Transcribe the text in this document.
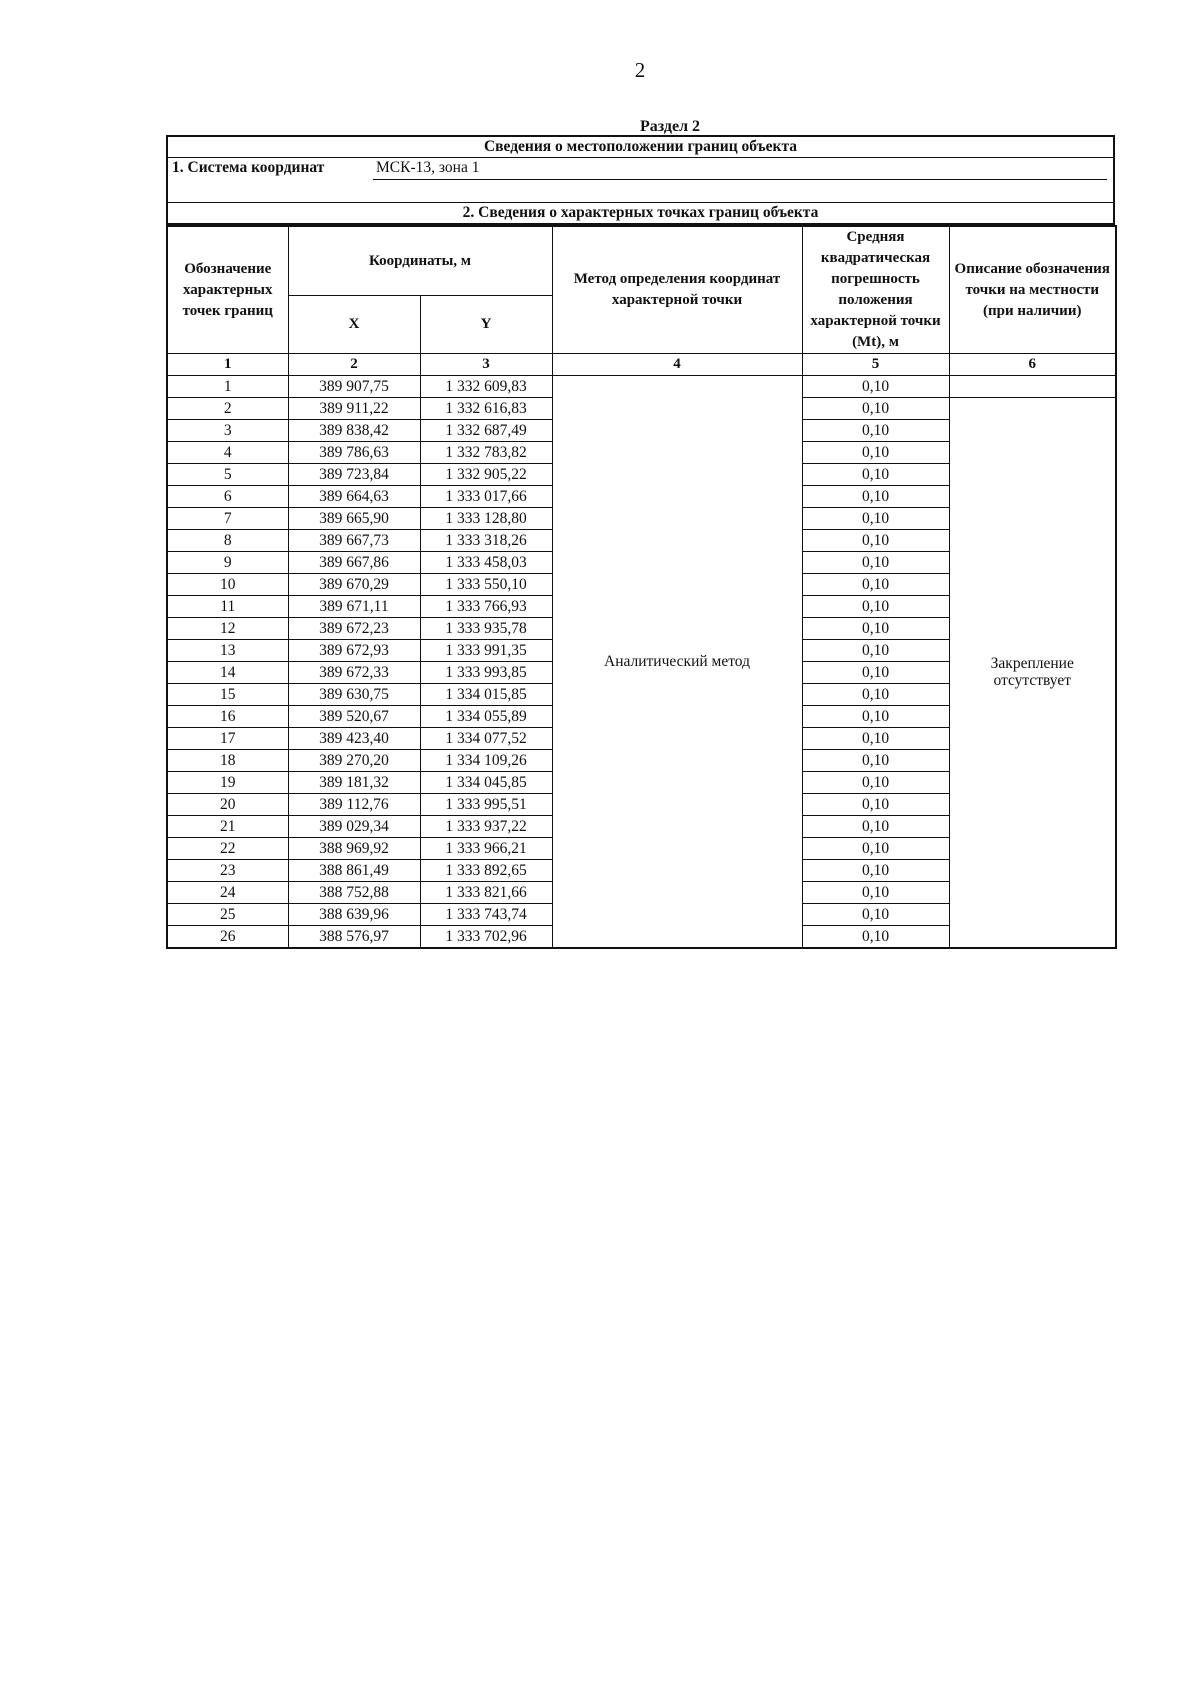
2
Раздел 2
Сведения о местоположении границ объекта

1. Система координат	МСК-13, зона 1

2. Сведения о характерных точках границ объекта
Обозначение характерных точек границ	Координаты, м		Метод определения координат характерной точки	Средняя квадратическая погрешность положения характерной точки (Mt), м	Описание обозначения точки на местности (при наличии)
	X	Y			
1	2	3	4	5	6
1	389 907,75	1 332 609,83	Аналитический метод	0,10	
2	389 911,22	1 332 616,83		0,10	Закрепление отсутствует
3	389 838,42	1 332 687,49		0,10	
4	389 786,63	1 332 783,82		0,10	
5	389 723,84	1 332 905,22		0,10	
6	389 664,63	1 333 017,66		0,10	
7	389 665,90	1 333 128,80		0,10	
8	389 667,73	1 333 318,26		0,10	
9	389 667,86	1 333 458,03		0,10	
10	389 670,29	1 333 550,10		0,10	
11	389 671,11	1 333 766,93		0,10	
12	389 672,23	1 333 935,78		0,10	
13	389 672,93	1 333 991,35		0,10	
14	389 672,33	1 333 993,85		0,10	
15	389 630,75	1 334 015,85		0,10	
16	389 520,67	1 334 055,89		0,10	
17	389 423,40	1 334 077,52		0,10	
18	389 270,20	1 334 109,26		0,10	
19	389 181,32	1 334 045,85		0,10	
20	389 112,76	1 333 995,51		0,10	
21	389 029,34	1 333 937,22		0,10	
22	388 969,92	1 333 966,21		0,10	
23	388 861,49	1 333 892,65		0,10	
24	388 752,88	1 333 821,66		0,10	
25	388 639,96	1 333 743,74		0,10	
26	388 576,97	1 333 702,96		0,10	
